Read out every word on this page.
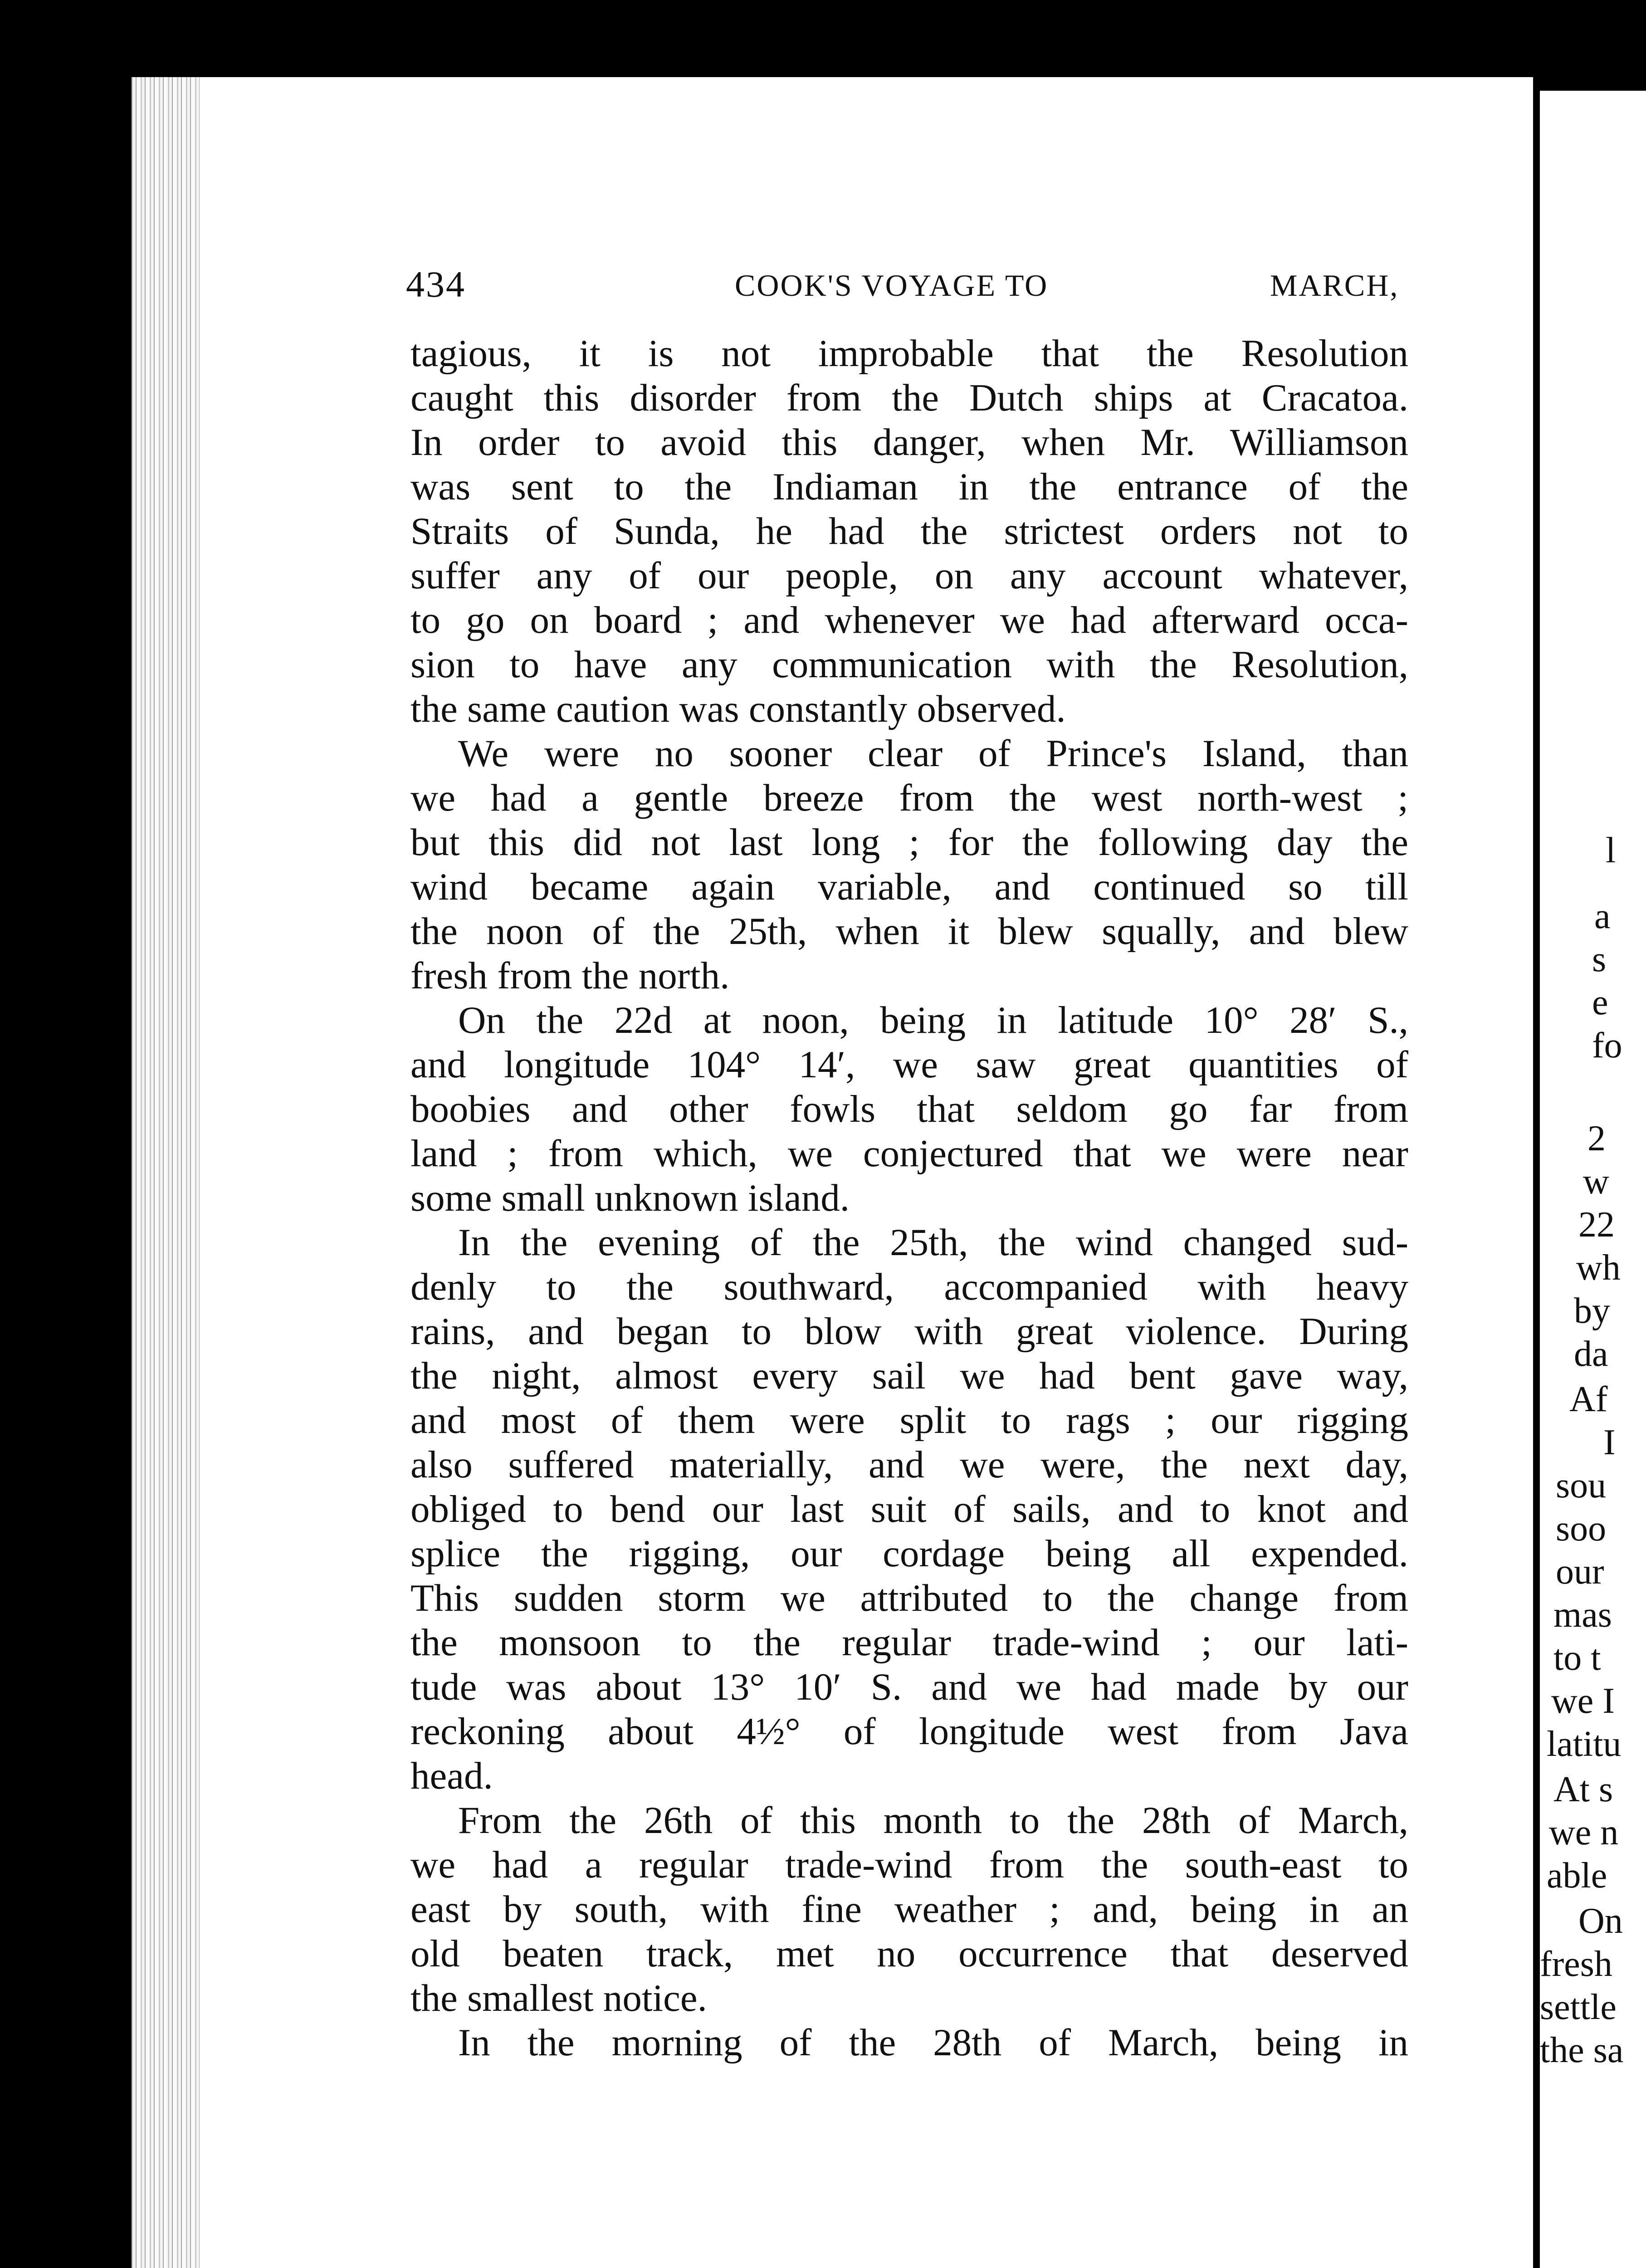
434	COOK'S VOYAGE TO	MARCH,
tagious, it is not improbable that the Resolution
caught this disorder from the Dutch ships at Cracatoa.
In order to avoid this danger, when Mr. Williamson
was sent to the Indiaman in the entrance of the
Straits of Sunda, he had the strictest orders not to
suffer any of our people, on any account whatever,
to go on board ; and whenever we had afterward occa-
sion to have any communication with the Resolution,
the same caution was constantly observed.
We were no sooner clear of Prince's Island, than
we had a gentle breeze from the west north-west ;
but this did not last long ; for the following day the
wind became again variable, and continued so till
the noon of the 25th, when it blew squally, and blew
fresh from the north.
On the 22d at noon, being in latitude 10° 28′ S.,
and longitude 104° 14′, we saw great quantities of
boobies and other fowls that seldom go far from
land ; from which, we conjectured that we were near
some small unknown island.
In the evening of the 25th, the wind changed sud-
denly to the southward, accompanied with heavy
rains, and began to blow with great violence. During
the night, almost every sail we had bent gave way,
and most of them were split to rags ; our rigging
also suffered materially, and we were, the next day,
obliged to bend our last suit of sails, and to knot and
splice the rigging, our cordage being all expended.
This sudden storm we attributed to the change from
the monsoon to the regular trade-wind ; our lati-
tude was about 13° 10′ S. and we had made by our
reckoning about 4½° of longitude west from Java
head.
From the 26th of this month to the 28th of March,
we had a regular trade-wind from the south-east to
east by south, with fine weather ; and, being in an
old beaten track, met no occurrence that deserved
the smallest notice.
In the morning of the 28th of March, being in
l
a
s
e
fo
2
w
22
wh
by
da
Af
I
sou
soo
our
mas
to t
we I
latitu
At s
we n
able
On
fresh
settle
the sa
